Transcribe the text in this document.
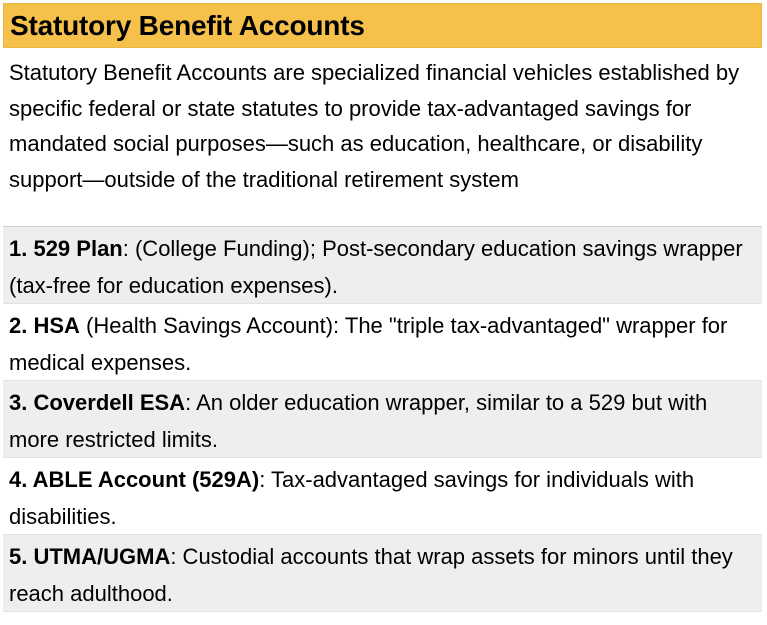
Statutory Benefit Accounts
Statutory Benefit Accounts are specialized financial vehicles established by specific federal or state statutes to provide tax-advantaged savings for mandated social purposes—such as education, healthcare, or disability support—outside of the traditional retirement system
1. 529 Plan: (College Funding); Post-secondary education savings wrapper (tax-free for education expenses).
2. HSA (Health Savings Account): The "triple tax-advantaged" wrapper for medical expenses.
3. Coverdell ESA: An older education wrapper, similar to a 529 but with more restricted limits.
4. ABLE Account (529A): Tax-advantaged savings for individuals with disabilities.
5. UTMA/UGMA: Custodial accounts that wrap assets for minors until they reach adulthood.
